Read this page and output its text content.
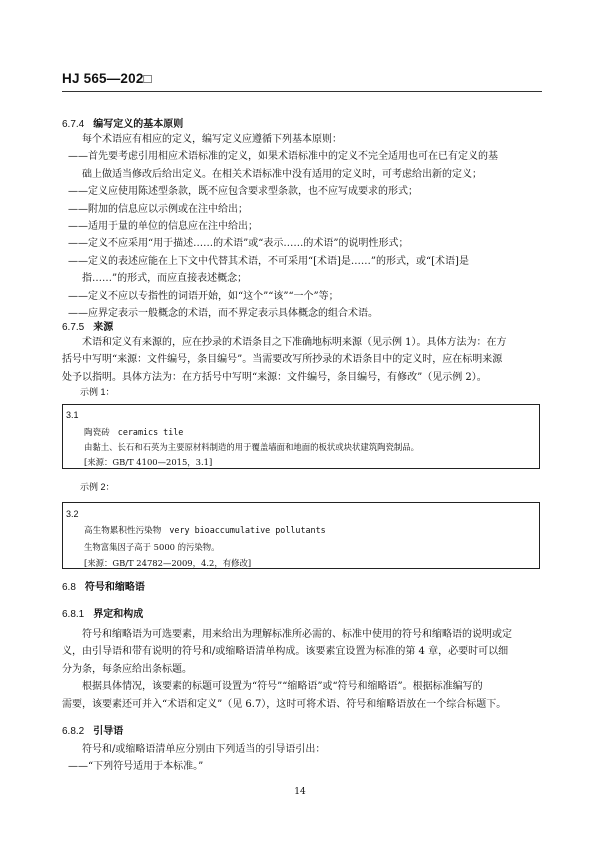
HJ 565—202□
6.7.4 编写定义的基本原则
每个术语应有相应的定义，编写定义应遵循下列基本原则：
——首先要考虑引用相应术语标准的定义，如果术语标准中的定义不完全适用也可在已有定义的基
础上做适当修改后给出定义。在相关术语标准中没有适用的定义时，可考虑给出新的定义；
——定义应使用陈述型条款，既不应包含要求型条款，也不应写成要求的形式；
——附加的信息应以示例或在注中给出；
——适用于量的单位的信息应在注中给出；
——定义不应采用“用于描述……的术语”或“表示……的术语”的说明性形式；
——定义的表述应能在上下文中代替其术语，不可采用“[术语]是……”的形式，或“[术语]是
指……”的形式，而应直接表述概念；
——定义不应以专指性的词语开始，如“这个”“该”“一个”等；
——应界定表示一般概念的术语，而不界定表示具体概念的组合术语。
6.7.5 来源
术语和定义有来源的，应在抄录的术语条目之下准确地标明来源（见示例 1）。具体方法为：在方
括号中写明“来源：文件编号，条目编号”。当需要改写所抄录的术语条目中的定义时，应在标明来源
处予以指明。具体方法为：在方括号中写明“来源：文件编号，条目编号，有修改”（见示例 2）。
示例 1：
3.1
陶瓷砖 ceramics tile
由黏土、长石和石英为主要原材料制造的用于覆盖墙面和地面的板状或块状建筑陶瓷制品。
[来源：GB/T 4100—2015，3.1]
示例 2：
3.2
高生物累积性污染物 very bioaccumulative pollutants
生物富集因子高于 5000 的污染物。
[来源：GB/T 24782—2009，4.2，有修改]
6.8 符号和缩略语
6.8.1 界定和构成
符号和缩略语为可选要素，用来给出为理解标准所必需的、标准中使用的符号和缩略语的说明或定
义，由引导语和带有说明的符号和/或缩略语清单构成。该要素宜设置为标准的第 4 章，必要时可以细
分为条，每条应给出条标题。
根据具体情况，该要素的标题可设置为“符号”“缩略语”或“符号和缩略语”。根据标准编写的
需要，该要素还可并入“术语和定义”（见 6.7），这时可将术语、符号和缩略语放在一个综合标题下。
6.8.2 引导语
符号和/或缩略语清单应分别由下列适当的引导语引出：
——“下列符号适用于本标准。”
14
